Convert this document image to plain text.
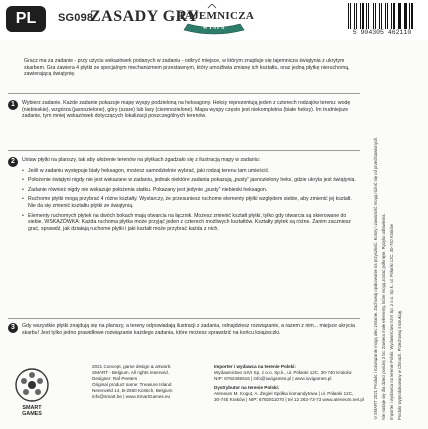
PL	SG098
ZASADY GRY
TAJEMNICZA
WYSPA
5 904305 462110
Gracz ma za zadanie - przy użyciu wskazówek podanych w zadaniu - odkryć miejsce, w którym znajduje się tajemnicza świątynia z ukrytym skarbem. Gra zawiera 4 płytki ze specjalnym mechanizmem przestawnym, który umożliwia zmianę ich kształtu, oraz jedną płytkę nieruchomą, zawierającą świątynię.
1	Wybierz zadanie. Każde zadanie pokazuje mapę wyspy podzieloną na heksagony. Heksy reprezentują jeden z czterech rodzajów terenu: wodę (niebieskie), wzgórza (jasnozielone), góry (szare) lub lasy (ciemnozielone). Mapa wyspy często jest niekompletna (białe heksy). Im trudniejsze zadanie, tym mniej wskazówek dotyczących lokalizacji poszczególnych terenów.
2	Ustaw płytki na planszy, tak aby ułożenie terenów na płytkach zgadzało się z ilustracją mapy w zadaniu:
• Jeśli w zadaniu występuje biały heksagon, możesz samodzielnie wybrać, jaki rodzaj terenu tam umieścić.
• Położenie świątyni nigdy nie jest wskazane w zadaniu, jednak niektóre zadania pokazują „pusty” jasnozielony heks, gdzie ukryta jest świątynia.
• Zadanie również nigdy nie wskazuje położenia statku. Pokazany jest jedynie „pusty” niebieski heksagon.
• Ruchome płytki mogą przybrać 4 różne kształty. Wystarczy, że przesuniesz ruchome elementy płytki względem siebie, aby zmienić jej kształt. Nie da się zmienić kształtu płytki ze świątynią.
• Elementy ruchomych płytek na dwóch bokach mają otwarcia na łącznik. Możesz zmienić kształt płytki, tylko gdy otwarcia są skierowane do siebie. WSKAZÓWKA: Każda ruchoma płytka może przyjąć jeden z czterech możliwych kształtów. Kształty płytek są różne. Zanim zaczniesz grać, sprawdź, jak działają ruchome płytki i jaki kształt może przybrać każda z nich.
3	Gdy wszystkie płytki znajdują się na planszy, a tereny odpowiadają ilustracji z zadania, odnajdziesz rozwiązanie, a razem z nim... miejsce ukrycia skarbu! Jest tylko jedno prawidłowe rozwiązanie każdego zadania, które możesz sprawdzić na końcu książeczki.	©SMART 2021 Produkt i rozwiązanie mogą ulec zmianie. Zachowaj opakowanie na przyszłość. Kolory i zawartość mogą różnić się od przedstawionych. Nie nadaje się dla dzieci poniżej 3 lat. Zawiera małe elementy, które mogą zostać połknięte. Ryzyko udławienia. Importer i wydawca na terenie Polski: Wydawnictwo IUVI Sp. z o.o. Sp.k., ul. Półanki 12C, 30-740 Kraków Produkt wyprodukowany w Chinach. Przechowuj instrukcję.
SMART GAMES
2021 Concept, game design & artwork:
SMART - Belgium. All rights reserved.
Designer: Raf Peeters
Original product name: Treasure Island
Nerenveld 14, B-2550 Kontich, Belgium
info@smart.be | www.SmartGames.eu
Importer i wydawca na terenie Polski:
Wydawnictwo IUVI Sp. z o.o. Sp.k., ul. Półanki 12C, 30-740 Kraków
NIP: 6762465516 | info@iuvigames.pl | www.iuvigames.pl
Dystrybutor na terenie Polski:
Ateneum M. Kogut, A. Żegiel Spółka komandytowa | ul. Półanki 12C,
30-740 Kraków | NIP: 6792811070 | tel 12 263-73-73 www.ateneum.net.pl
